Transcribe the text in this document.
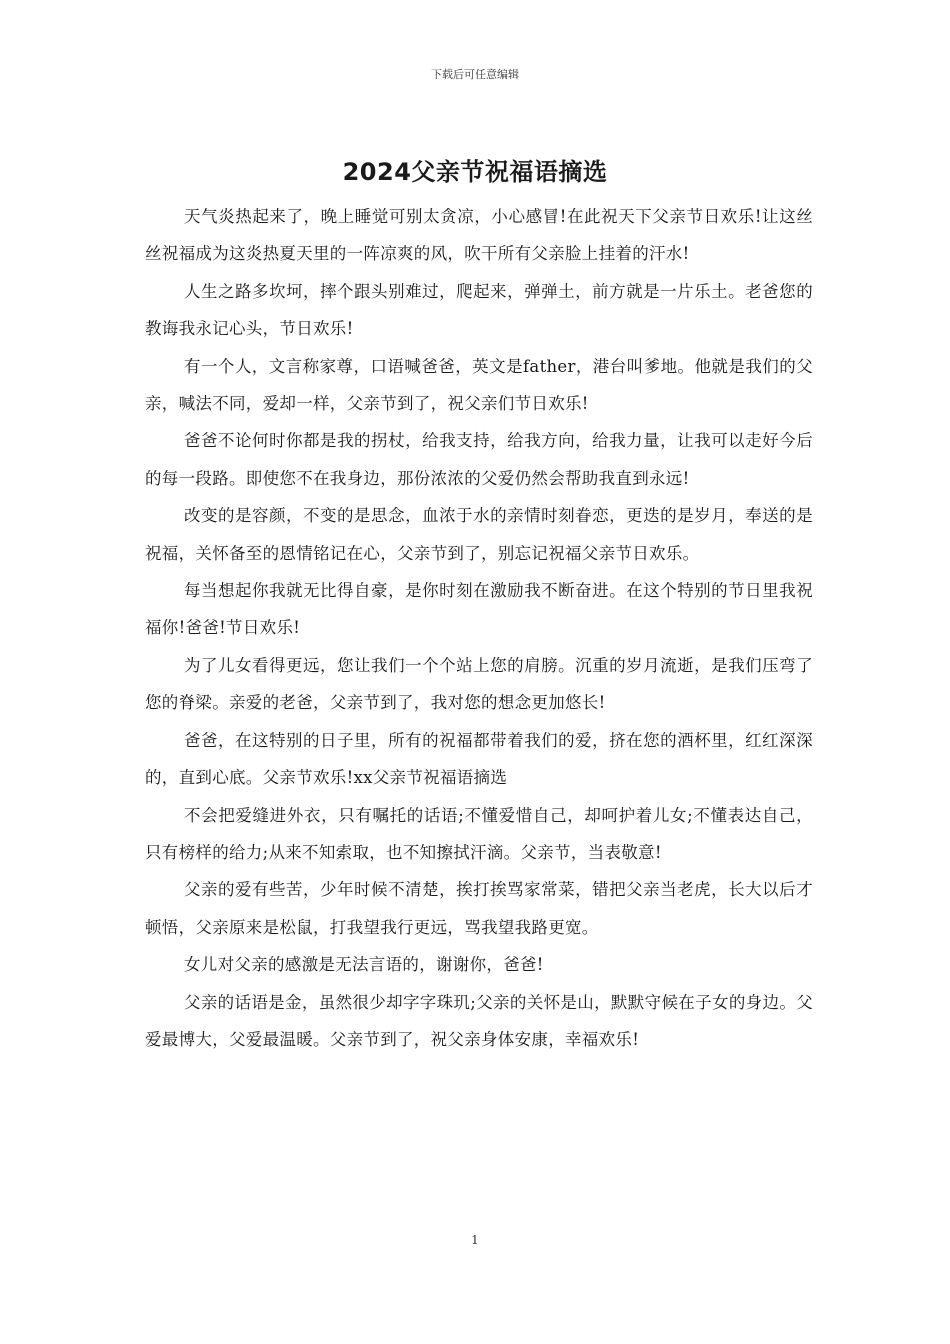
下载后可任意编辑
2024父亲节祝福语摘选

天气炎热起来了，晚上睡觉可别太贪凉，小心感冒!在此祝天下父亲节日欢乐!让这丝丝祝福成为这炎热夏天里的一阵凉爽的风，吹干所有父亲脸上挂着的汗水!

人生之路多坎坷，摔个跟头别难过，爬起来，弹弹土，前方就是一片乐土。老爸您的教诲我永记心头，节日欢乐!

有一个人，文言称家尊，口语喊爸爸，英文是father，港台叫爹地。他就是我们的父亲，喊法不同，爱却一样，父亲节到了，祝父亲们节日欢乐!

爸爸不论何时你都是我的拐杖，给我支持，给我方向，给我力量，让我可以走好今后的每一段路。即使您不在我身边，那份浓浓的父爱仍然会帮助我直到永远!

改变的是容颜，不变的是思念，血浓于水的亲情时刻眷恋，更迭的是岁月，奉送的是祝福，关怀备至的恩情铭记在心，父亲节到了，别忘记祝福父亲节日欢乐。

每当想起你我就无比得自豪，是你时刻在激励我不断奋进。在这个特别的节日里我祝福你!爸爸!节日欢乐!

为了儿女看得更远，您让我们一个个站上您的肩膀。沉重的岁月流逝，是我们压弯了您的脊梁。亲爱的老爸，父亲节到了，我对您的想念更加悠长!

爸爸，在这特别的日子里，所有的祝福都带着我们的爱，挤在您的酒杯里，红红深深的，直到心底。父亲节欢乐!xx父亲节祝福语摘选

不会把爱缝进外衣，只有嘱托的话语;不懂爱惜自己，却呵护着儿女;不懂表达自己，只有榜样的给力;从来不知索取，也不知擦拭汗滴。父亲节，当表敬意!

父亲的爱有些苦，少年时候不清楚，挨打挨骂家常菜，错把父亲当老虎，长大以后才顿悟，父亲原来是松鼠，打我望我行更远，骂我望我路更宽。

女儿对父亲的感激是无法言语的，谢谢你，爸爸!

父亲的话语是金，虽然很少却字字珠玑;父亲的关怀是山，默默守候在子女的身边。父爱最博大，父爱最温暖。父亲节到了，祝父亲身体安康，幸福欢乐!

1
